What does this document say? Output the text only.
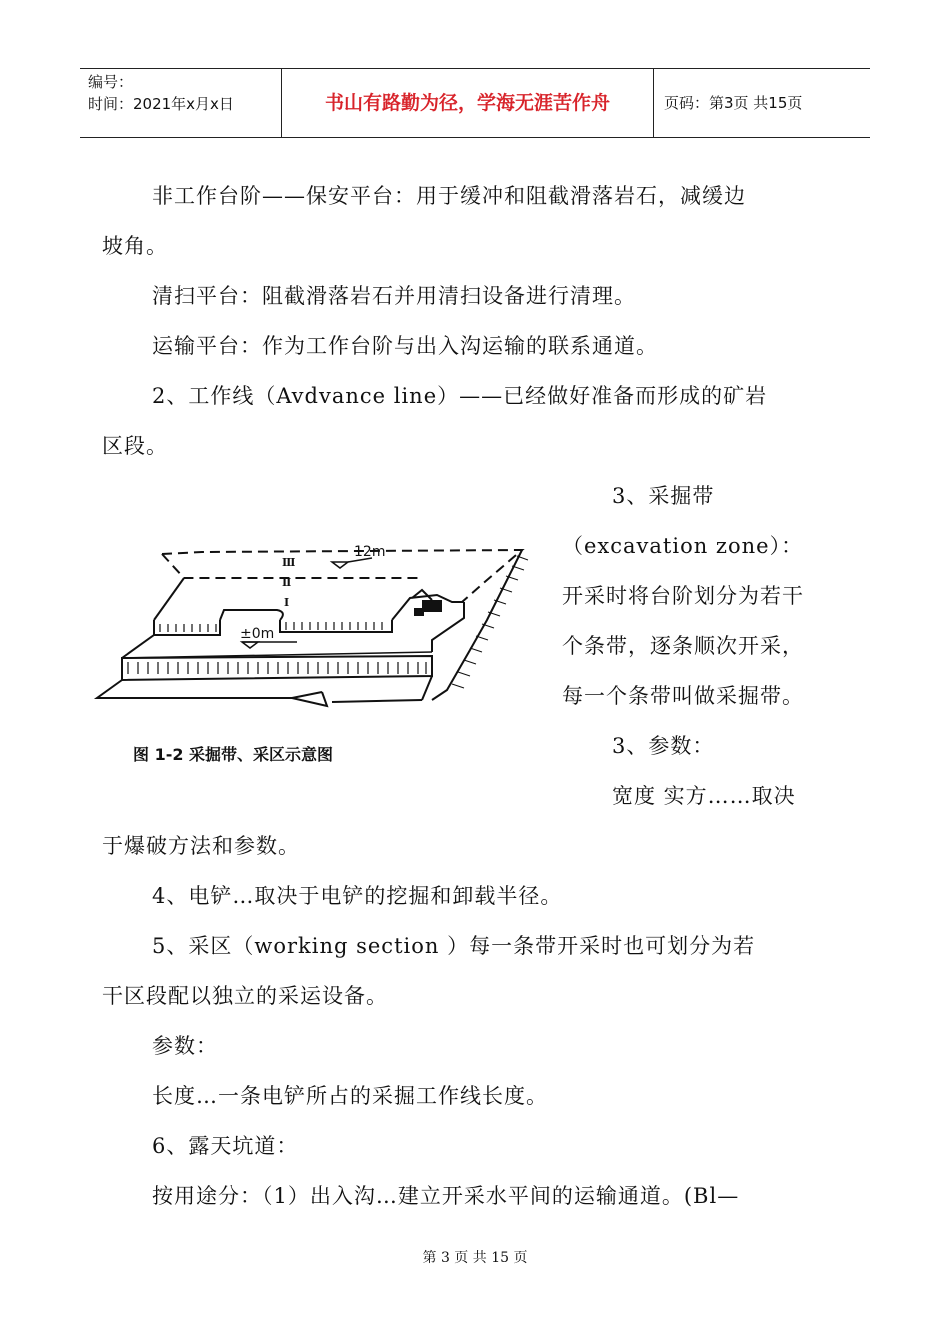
编号：
时间：2021年x月x日	书山有路勤为径，学海无涯苦作舟	页码：第3页 共15页
非工作台阶——保安平台：用于缓冲和阻截滑落岩石，减缓边
坡角。
清扫平台：阻截滑落岩石并用清扫设备进行清理。
运输平台：作为工作台阶与出入沟运输的联系通道。
2、工作线（Avdvance line）——已经做好准备而形成的矿岩
区段。
3、采掘带
（excavation zone）：
开采时将台阶划分为若干
个条带，逐条顺次开采，
每一个条带叫做采掘带。
3、参数：
宽度 实方……取决
于爆破方法和参数。
4、电铲…取决于电铲的挖掘和卸载半径。
5、采区（working section ）每一条带开采时也可划分为若
干区段配以独立的采运设备。
参数：
长度…一条电铲所占的采掘工作线长度。
6、露天坑道：
按用途分：（1）出入沟…建立开采水平间的运输通道。(Bl—
12m
±0m
Ⅲ
Ⅱ
Ⅰ
图 1-2 采掘带、采区示意图
第 3 页 共 15 页
